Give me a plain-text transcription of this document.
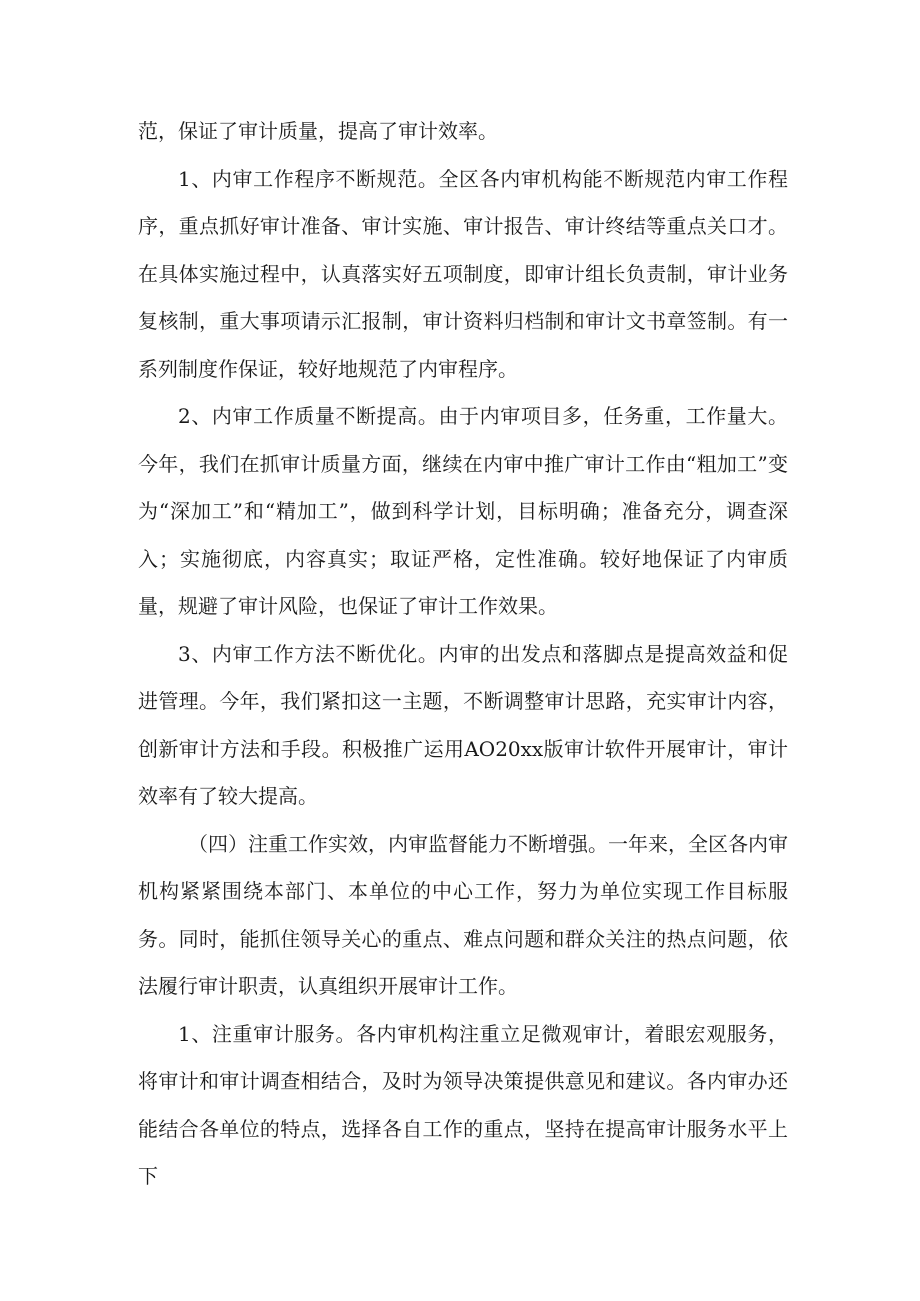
范，保证了审计质量，提高了审计效率。

1、内审工作程序不断规范。全区各内审机构能不断规范内审工作程序，重点抓好审计准备、审计实施、审计报告、审计终结等重点关口才。在具体实施过程中，认真落实好五项制度，即审计组长负责制，审计业务复核制，重大事项请示汇报制，审计资料归档制和审计文书章签制。有一系列制度作保证，较好地规范了内审程序。

2、内审工作质量不断提高。由于内审项目多，任务重，工作量大。今年，我们在抓审计质量方面，继续在内审中推广审计工作由“粗加工”变为“深加工”和“精加工”，做到科学计划，目标明确；准备充分，调查深入；实施彻底，内容真实；取证严格，定性准确。较好地保证了内审质量，规避了审计风险，也保证了审计工作效果。

3、内审工作方法不断优化。内审的出发点和落脚点是提高效益和促进管理。今年，我们紧扣这一主题，不断调整审计思路，充实审计内容，创新审计方法和手段。积极推广运用AO20xx版审计软件开展审计，审计效率有了较大提高。

（四）注重工作实效，内审监督能力不断增强。一年来，全区各内审机构紧紧围绕本部门、本单位的中心工作，努力为单位实现工作目标服务。同时，能抓住领导关心的重点、难点问题和群众关注的热点问题，依法履行审计职责，认真组织开展审计工作。

1、注重审计服务。各内审机构注重立足微观审计，着眼宏观服务，将审计和审计调查相结合，及时为领导决策提供意见和建议。各内审办还能结合各单位的特点，选择各自工作的重点，坚持在提高审计服务水平上下
